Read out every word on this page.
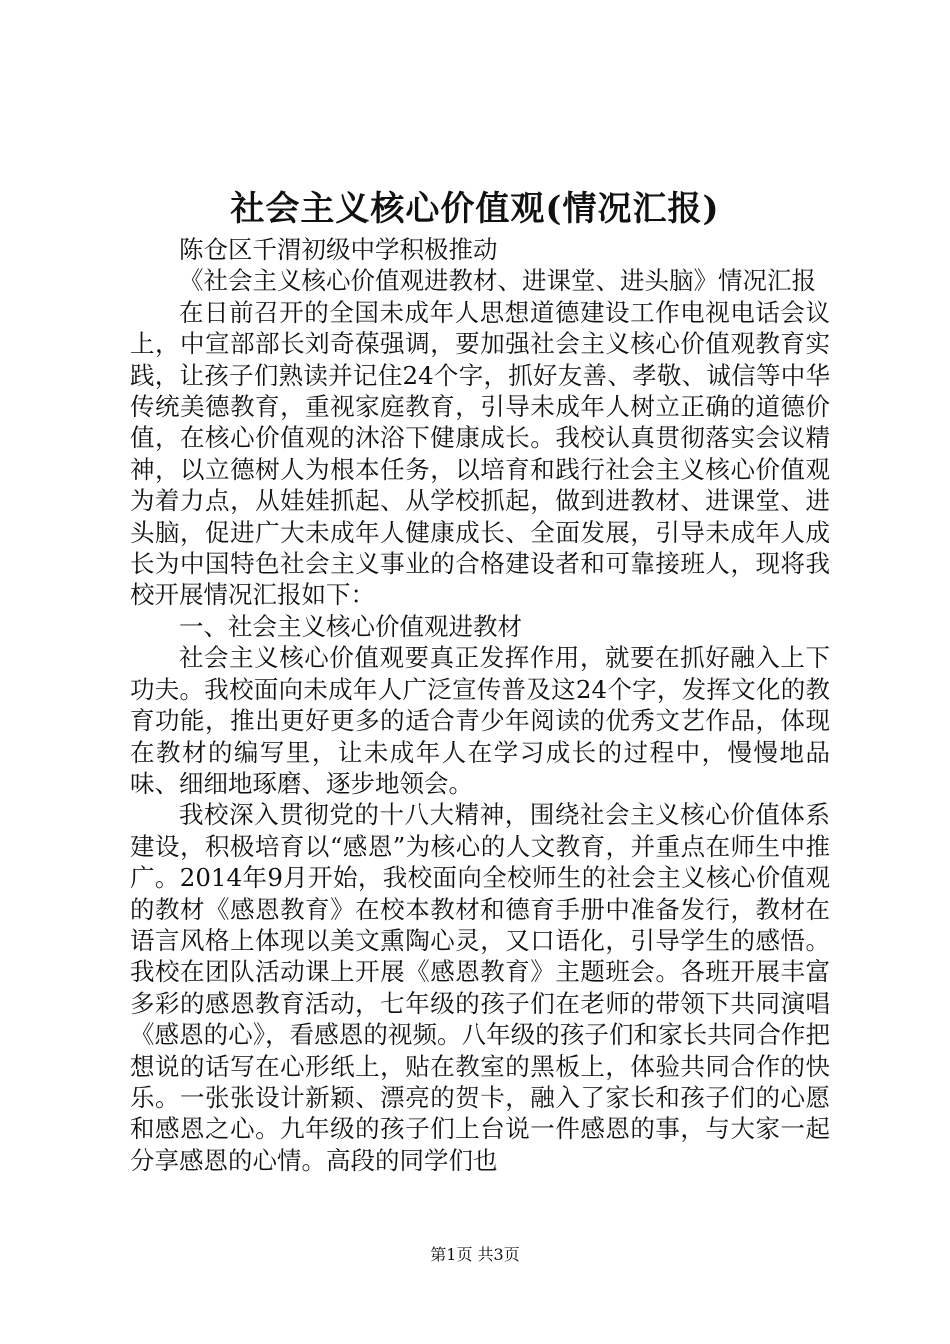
社会主义核心价值观(情况汇报)

陈仓区千渭初级中学积极推动

《社会主义核心价值观进教材、进课堂、进头脑》情况汇报

在日前召开的全国未成年人思想道德建设工作电视电话会议上，中宣部部长刘奇葆强调，要加强社会主义核心价值观教育实践，让孩子们熟读并记住24个字，抓好友善、孝敬、诚信等中华传统美德教育，重视家庭教育，引导未成年人树立正确的道德价值，在核心价值观的沐浴下健康成长。我校认真贯彻落实会议精神，以立德树人为根本任务，以培育和践行社会主义核心价值观为着力点，从娃娃抓起、从学校抓起，做到进教材、进课堂、进头脑，促进广大未成年人健康成长、全面发展，引导未成年人成长为中国特色社会主义事业的合格建设者和可靠接班人，现将我校开展情况汇报如下：

一、社会主义核心价值观进教材

社会主义核心价值观要真正发挥作用，就要在抓好融入上下功夫。我校面向未成年人广泛宣传普及这24个字，发挥文化的教育功能，推出更好更多的适合青少年阅读的优秀文艺作品，体现在教材的编写里，让未成年人在学习成长的过程中，慢慢地品味、细细地琢磨、逐步地领会。

我校深入贯彻党的十八大精神，围绕社会主义核心价值体系建设，积极培育以“感恩”为核心的人文教育，并重点在师生中推广。2014年9月开始，我校面向全校师生的社会主义核心价值观的教材《感恩教育》在校本教材和德育手册中准备发行，教材在语言风格上体现以美文熏陶心灵，又口语化，引导学生的感悟。我校在团队活动课上开展《感恩教育》主题班会。各班开展丰富多彩的感恩教育活动，七年级的孩子们在老师的带领下共同演唱《感恩的心》，看感恩的视频。八年级的孩子们和家长共同合作把想说的话写在心形纸上，贴在教室的黑板上，体验共同合作的快乐。一张张设计新颖、漂亮的贺卡，融入了家长和孩子们的心愿和感恩之心。九年级的孩子们上台说一件感恩的事，与大家一起分享感恩的心情。高段的同学们也

第1页 共3页
